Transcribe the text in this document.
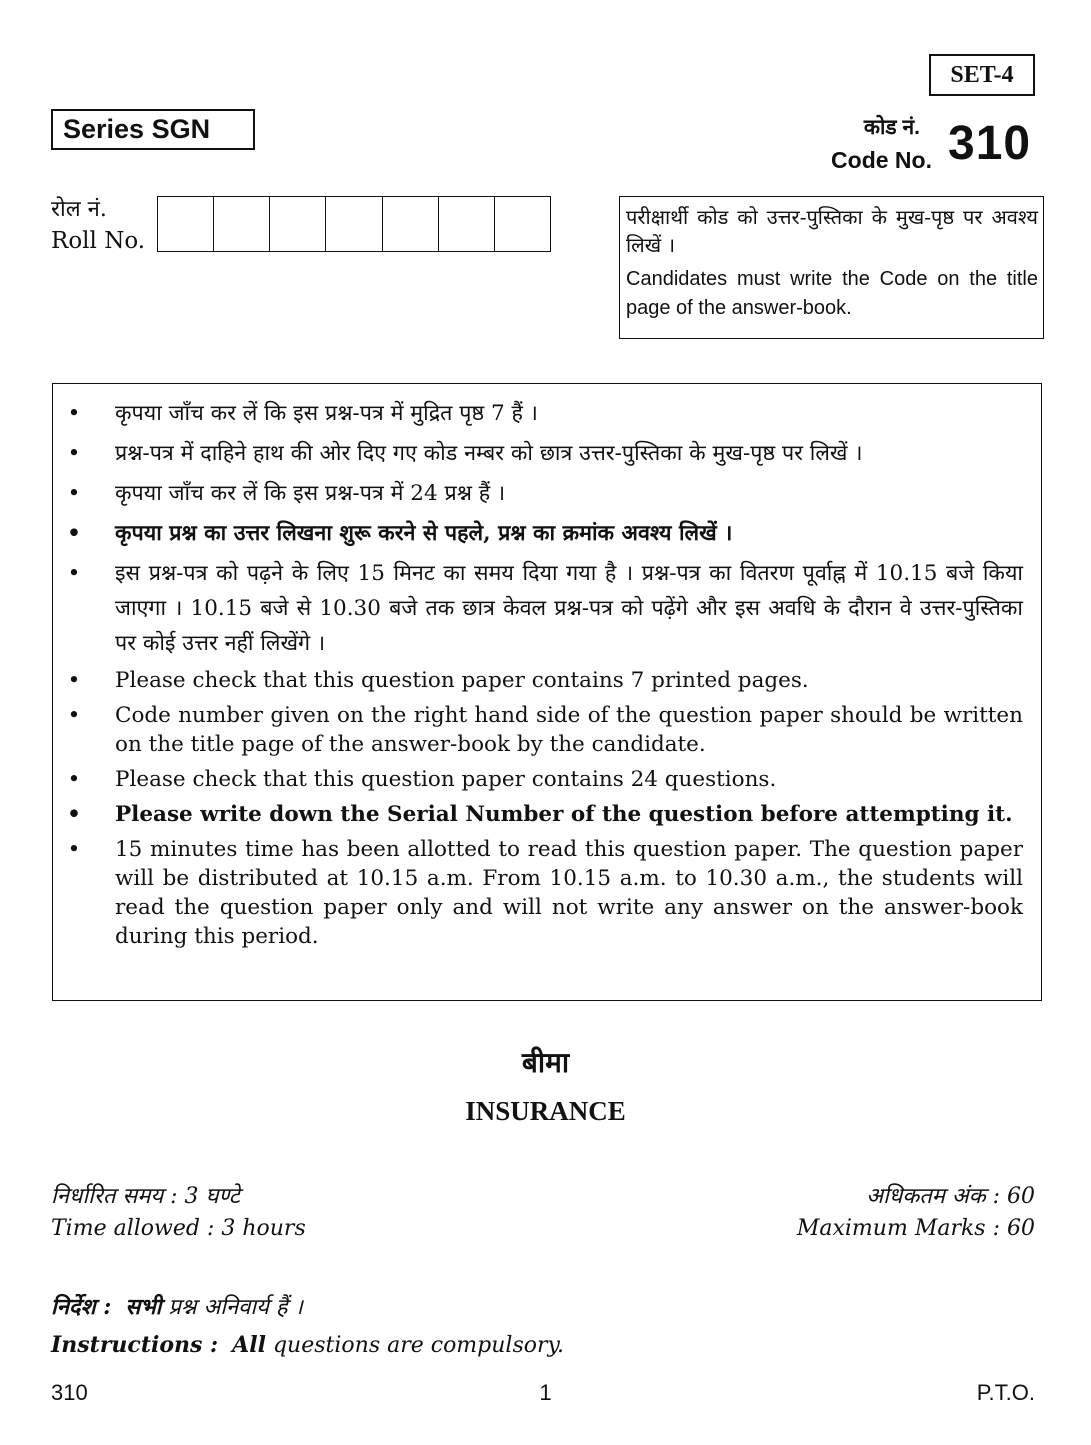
SET-4
Series SGN	कोड नं.
Code No. 310
रोल नं.
Roll No.
परीक्षार्थी कोड को उत्तर-पुस्तिका के मुख-पृष्ठ पर अवश्य लिखें ।
Candidates must write the Code on the title page of the answer-book.
• कृपया जाँच कर लें कि इस प्रश्न-पत्र में मुद्रित पृष्ठ 7 हैं ।
• प्रश्न-पत्र में दाहिने हाथ की ओर दिए गए कोड नम्बर को छात्र उत्तर-पुस्तिका के मुख-पृष्ठ पर लिखें ।
• कृपया जाँच कर लें कि इस प्रश्न-पत्र में 24 प्रश्न हैं ।
• कृपया प्रश्न का उत्तर लिखना शुरू करने से पहले, प्रश्न का क्रमांक अवश्य लिखें ।
• इस प्रश्न-पत्र को पढ़ने के लिए 15 मिनट का समय दिया गया है । प्रश्न-पत्र का वितरण पूर्वाह्न में 10.15 बजे किया जाएगा । 10.15 बजे से 10.30 बजे तक छात्र केवल प्रश्न-पत्र को पढ़ेंगे और इस अवधि के दौरान वे उत्तर-पुस्तिका पर कोई उत्तर नहीं लिखेंगे ।
• Please check that this question paper contains 7 printed pages.
• Code number given on the right hand side of the question paper should be written on the title page of the answer-book by the candidate.
• Please check that this question paper contains 24 questions.
• Please write down the Serial Number of the question before attempting it.
• 15 minutes time has been allotted to read this question paper. The question paper will be distributed at 10.15 a.m. From 10.15 a.m. to 10.30 a.m., the students will read the question paper only and will not write any answer on the answer-book during this period.
बीमा
INSURANCE
निर्धारित समय : 3 घण्टे
Time allowed : 3 hours
अधिकतम अंक : 60
Maximum Marks : 60
निर्देश : सभी प्रश्न अनिवार्य हैं ।
Instructions : All questions are compulsory.
310	1	P.T.O.
